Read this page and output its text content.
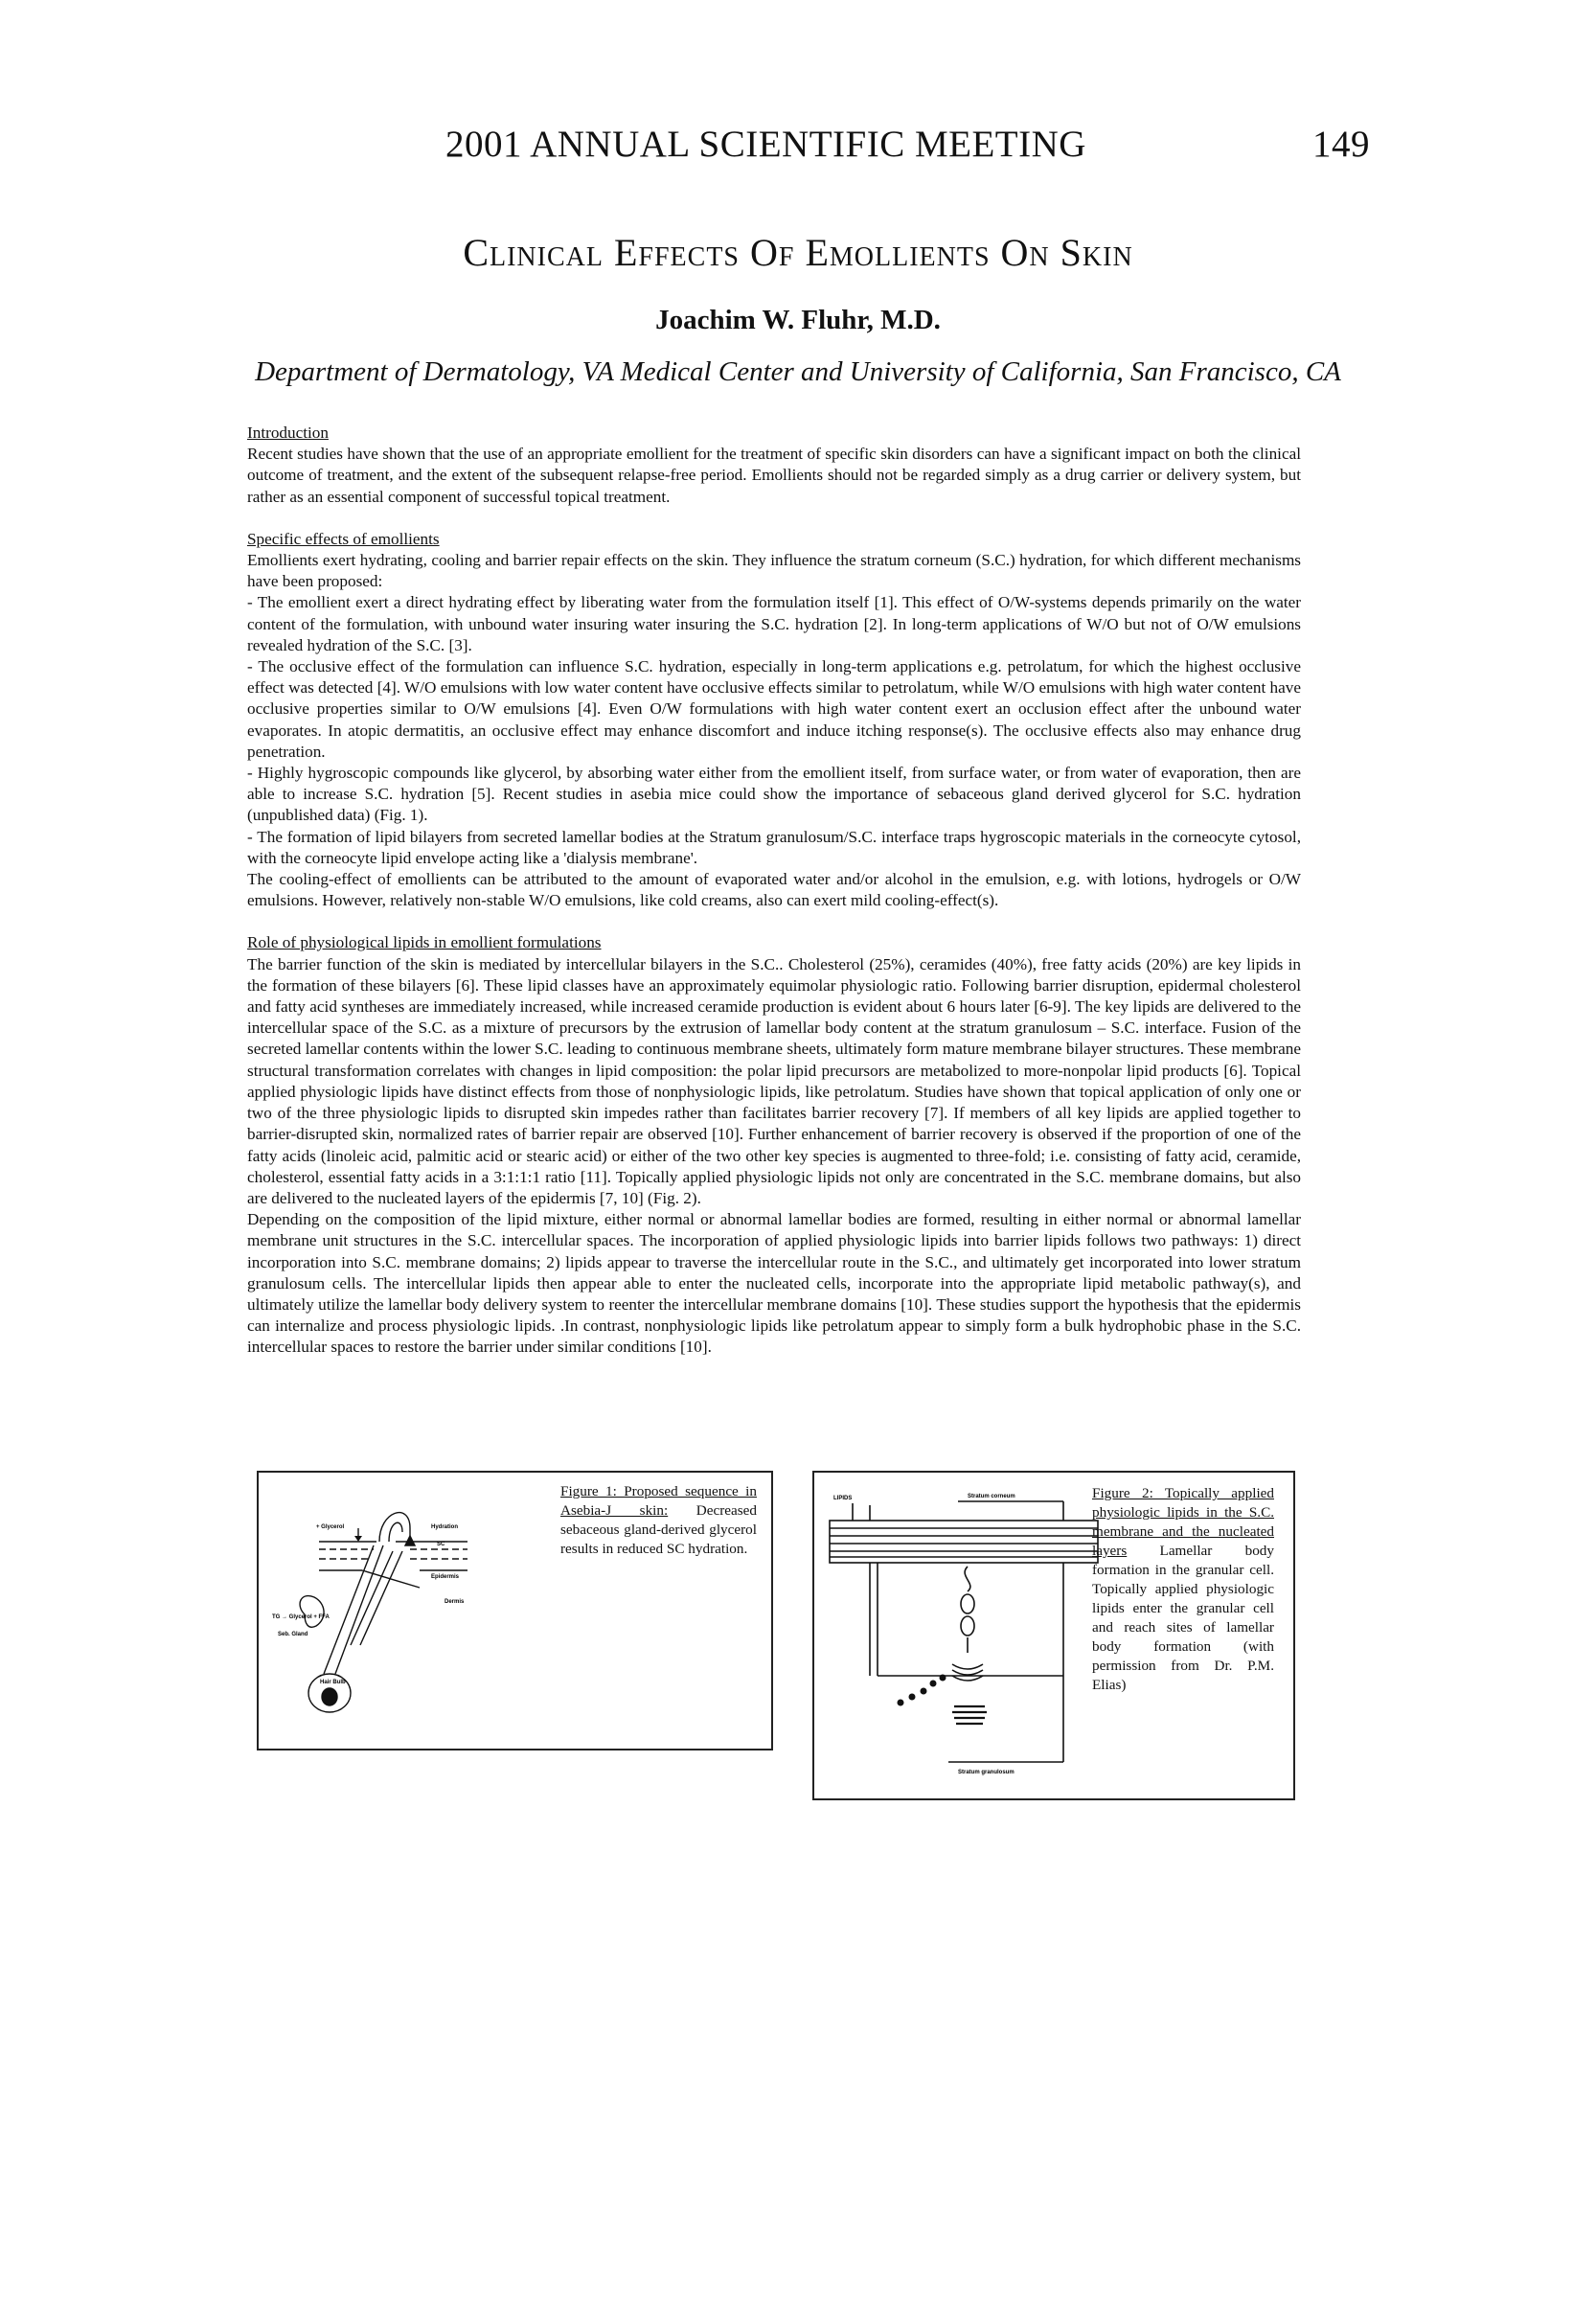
2001 ANNUAL SCIENTIFIC MEETING	149
Clinical Effects Of Emollients On Skin
Joachim W. Fluhr, M.D.
Department of Dermatology, VA Medical Center and University of California, San Francisco, CA
Introduction
Recent studies have shown that the use of an appropriate emollient for the treatment of specific skin disorders can have a significant impact on both the clinical outcome of treatment, and the extent of the subsequent relapse-free period. Emollients should not be regarded simply as a drug carrier or delivery system, but rather as an essential component of successful topical treatment.
Specific effects of emollients
Emollients exert hydrating, cooling and barrier repair effects on the skin. They influence the stratum corneum (S.C.) hydration, for which different mechanisms have been proposed:
- The emollient exert a direct hydrating effect by liberating water from the formulation itself [1]. This effect of O/W-systems depends primarily on the water content of the formulation, with unbound water insuring water insuring the S.C. hydration [2]. In long-term applications of W/O but not of O/W emulsions revealed hydration of the S.C. [3].
- The occlusive effect of the formulation can influence S.C. hydration, especially in long-term applications e.g. petrolatum, for which the highest occlusive effect was detected [4]. W/O emulsions with low water content have occlusive effects similar to petrolatum, while W/O emulsions with high water content have occlusive properties similar to O/W emulsions [4]. Even O/W formulations with high water content exert an occlusion effect after the unbound water evaporates. In atopic dermatitis, an occlusive effect may enhance discomfort and induce itching response(s). The occlusive effects also may enhance drug penetration.
- Highly hygroscopic compounds like glycerol, by absorbing water either from the emollient itself, from surface water, or from water of evaporation, then are able to increase S.C. hydration [5]. Recent studies in asebia mice could show the importance of sebaceous gland derived glycerol for S.C. hydration (unpublished data) (Fig. 1).
- The formation of lipid bilayers from secreted lamellar bodies at the Stratum granulosum/S.C. interface traps hygroscopic materials in the corneocyte cytosol, with the corneocyte lipid envelope acting like a 'dialysis membrane'.
The cooling-effect of emollients can be attributed to the amount of evaporated water and/or alcohol in the emulsion, e.g. with lotions, hydrogels or O/W emulsions. However, relatively non-stable W/O emulsions, like cold creams, also can exert mild cooling-effect(s).
Role of physiological lipids in emollient formulations
The barrier function of the skin is mediated by intercellular bilayers in the S.C.. Cholesterol (25%), ceramides (40%), free fatty acids (20%) are key lipids in the formation of these bilayers [6]. These lipid classes have an approximately equimolar physiologic ratio. Following barrier disruption, epidermal cholesterol and fatty acid syntheses are immediately increased, while increased ceramide production is evident about 6 hours later [6-9]. The key lipids are delivered to the intercellular space of the S.C. as a mixture of precursors by the extrusion of lamellar body content at the stratum granulosum – S.C. interface. Fusion of the secreted lamellar contents within the lower S.C. leading to continuous membrane sheets, ultimately form mature membrane bilayer structures. These membrane structural transformation correlates with changes in lipid composition: the polar lipid precursors are metabolized to more-nonpolar lipid products [6]. Topical applied physiologic lipids have distinct effects from those of nonphysiologic lipids, like petrolatum. Studies have shown that topical application of only one or two of the three physiologic lipids to disrupted skin impedes rather than facilitates barrier recovery [7]. If members of all key lipids are applied together to barrier-disrupted skin, normalized rates of barrier repair are observed [10]. Further enhancement of barrier recovery is observed if the proportion of one of the fatty acids (linoleic acid, palmitic acid or stearic acid) or either of the two other key species is augmented to three-fold; i.e. consisting of fatty acid, ceramide, cholesterol, essential fatty acids in a 3:1:1:1 ratio [11]. Topically applied physiologic lipids not only are concentrated in the S.C. membrane domains, but also are delivered to the nucleated layers of the epidermis [7, 10] (Fig. 2).
Depending on the composition of the lipid mixture, either normal or abnormal lamellar bodies are formed, resulting in either normal or abnormal lamellar membrane unit structures in the S.C. intercellular spaces. The incorporation of applied physiologic lipids into barrier lipids follows two pathways: 1) direct incorporation into S.C. membrane domains; 2) lipids appear to traverse the intercellular route in the S.C., and ultimately get incorporated into lower stratum granulosum cells. The intercellular lipids then appear able to enter the nucleated cells, incorporate into the appropriate lipid metabolic pathway(s), and ultimately utilize the lamellar body delivery system to reenter the intercellular membrane domains [10]. These studies support the hypothesis that the epidermis can internalize and process physiologic lipids. .In contrast, nonphysiologic lipids like petrolatum appear to simply form a bulk hydrophobic phase in the S.C. intercellular spaces to restore the barrier under similar conditions [10].
+ Glycerol	Hydration
SC
Epidermis
Dermis
TG → Glycerol + FFA
Seb. Gland
Hair Bulb
Figure 1: Proposed sequence in Asebia-J skin: Decreased sebaceous gland-derived glycerol results in reduced SC hydration.
LIPIDS	Stratum corneum
Stratum granulosum
Figure 2: Topically applied physiologic lipids in the S.C. membrane and the nucleated layers Lamellar body formation in the granular cell. Topically applied physiologic lipids enter the granular cell and reach sites of lamellar body formation (with permission from Dr. P.M. Elias)
